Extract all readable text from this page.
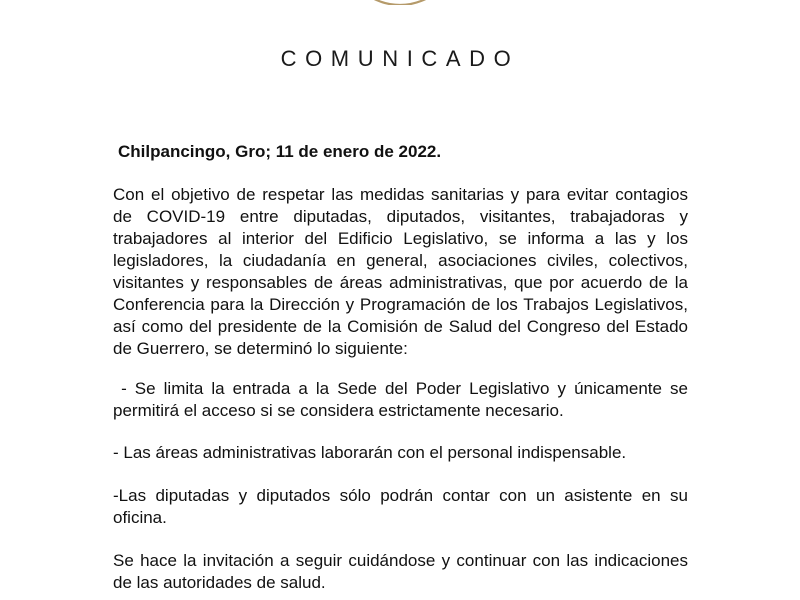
COMUNICADO
Chilpancingo, Gro; 11 de enero de 2022.

Con el objetivo de respetar las medidas sanitarias y para evitar contagios de COVID-19 entre diputadas, diputados, visitantes, trabajadoras y trabajadores al interior del Edificio Legislativo, se informa a las y los legisladores, la ciudadanía en general, asociaciones civiles, colectivos, visitantes y responsables de áreas administrativas, que por acuerdo de la Conferencia para la Dirección y Programación de los Trabajos Legislativos, así como del presidente de la Comisión de Salud del Congreso del Estado de Guerrero, se determinó lo siguiente:

- Se limita la entrada a la Sede del Poder Legislativo y únicamente se permitirá el acceso si se considera estrictamente necesario.

- Las áreas administrativas laborarán con el personal indispensable.

-Las diputadas y diputados sólo podrán contar con un asistente en su oficina.

Se hace la invitación a seguir cuidándose y continuar con las indicaciones de las autoridades de salud.
